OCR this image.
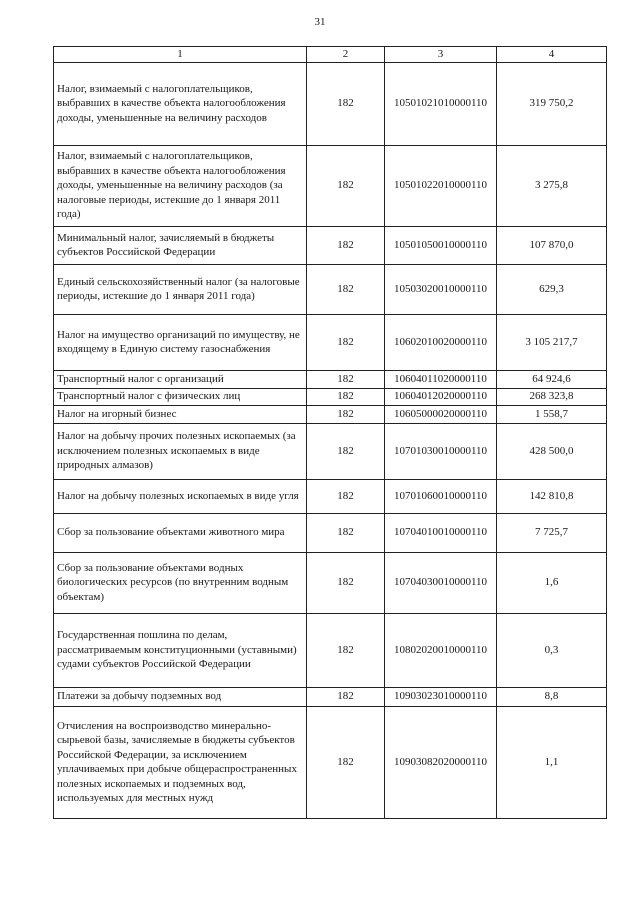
31
1	2	3	4
Налог, взимаемый с налогоплательщиков, выбравших в качестве объекта налогообложения доходы, уменьшенные на величину расходов	182	10501021010000110	319 750,2
Налог, взимаемый с налогоплательщиков, выбравших в качестве объекта налогообложения доходы, уменьшенные на величину расходов (за налоговые периоды, истекшие до 1 января 2011 года)	182	10501022010000110	3 275,8
Минимальный налог, зачисляемый в бюджеты субъектов Российской Федерации	182	10501050010000110	107 870,0
Единый сельскохозяйственный налог (за налоговые периоды, истекшие до 1 января 2011 года)	182	10503020010000110	629,3
Налог на имущество организаций по имуществу, не входящему в Единую систему газоснабжения	182	10602010020000110	3 105 217,7
Транспортный налог с организаций	182	10604011020000110	64 924,6
Транспортный налог с физических лиц	182	10604012020000110	268 323,8
Налог на игорный бизнес	182	10605000020000110	1 558,7
Налог на добычу прочих полезных ископаемых (за исключением полезных ископаемых в виде природных алмазов)	182	10701030010000110	428 500,0
Налог на добычу полезных ископаемых в виде угля	182	10701060010000110	142 810,8
Сбор за пользование объектами животного мира	182	10704010010000110	7 725,7
Сбор за пользование объектами водных биологических ресурсов (по внутренним водным объектам)	182	10704030010000110	1,6
Государственная пошлина по делам, рассматриваемым конституционными (уставными) судами субъектов Российской Федерации	182	10802020010000110	0,3
Платежи за добычу подземных вод	182	10903023010000110	8,8
Отчисления на воспроизводство минерально-сырьевой базы, зачисляемые в бюджеты субъектов Российской Федерации, за исключением уплачиваемых при добыче общераспространенных полезных ископаемых и подземных вод, используемых для местных нужд	182	10903082020000110	1,1
